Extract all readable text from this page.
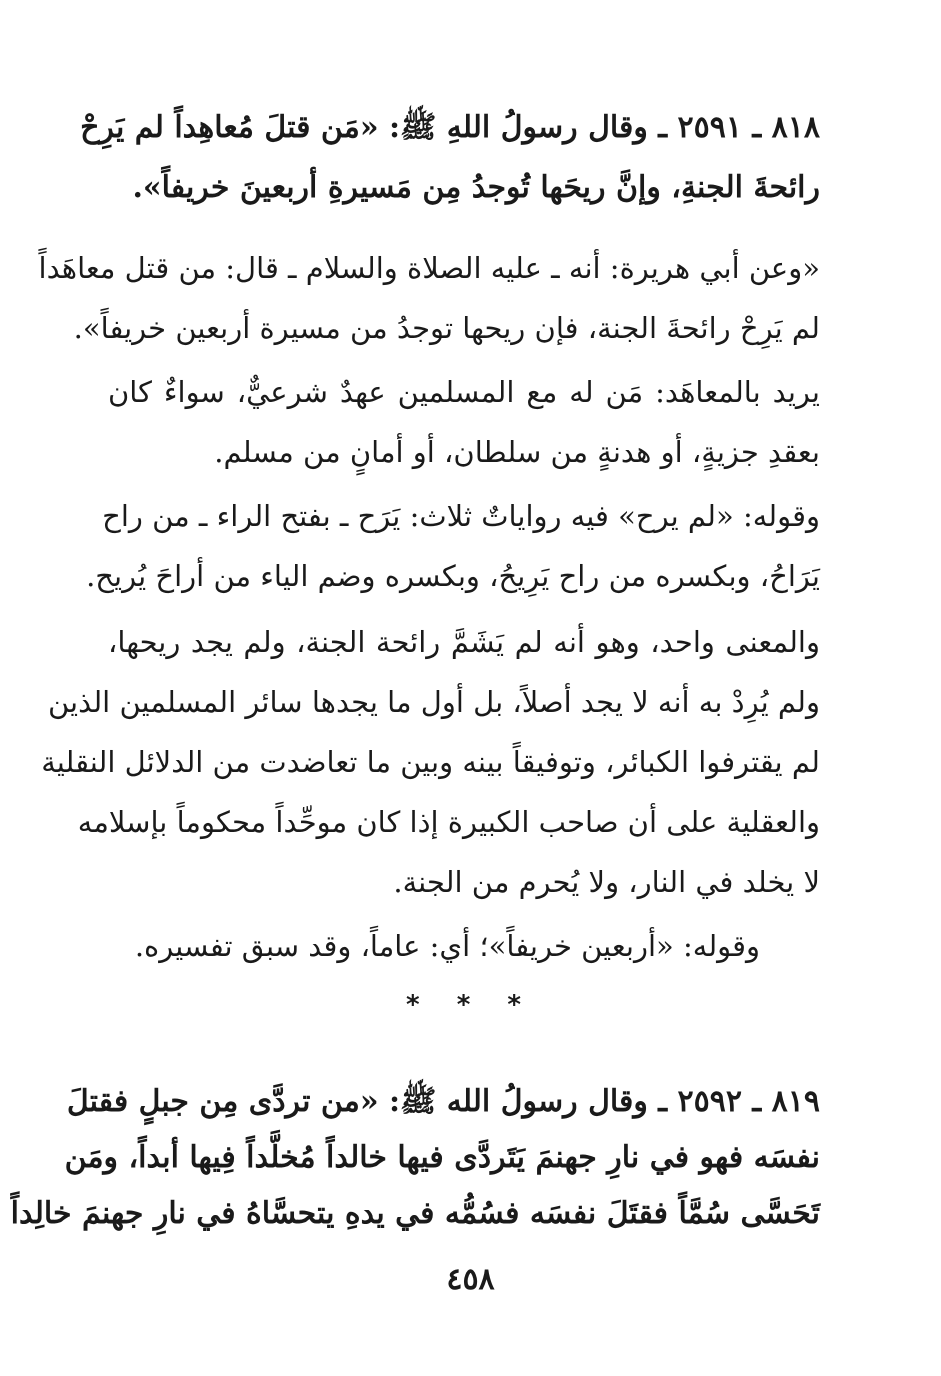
٨١٨ ـ ٢٥٩١ ـ وقال رسولُ اللهِ ﷺ: «مَن قتلَ مُعاهِداً لم يَرِحْ
رائحةَ الجنةِ، وإنَّ ريحَها تُوجدُ مِن مَسيرةِ أربعينَ خريفاً».
«وعن أبي هريرة: أنه ـ عليه الصلاة والسلام ـ قال: من قتل معاهَداً
لم يَرِحْ رائحةَ الجنة، فإن ريحها توجدُ من مسيرة أربعين خريفاً».
يريد بالمعاهَد: مَن له مع المسلمين عهدٌ شرعيٌّ، سواءٌ كان
بعقدِ جزيةٍ، أو هدنةٍ من سلطان، أو أمانٍ من مسلم.
وقوله: «لم يرح» فيه رواياتٌ ثلاث: يَرَح ـ بفتح الراء ـ من راح
يَرَاحُ، وبكسره من راح يَرِيحُ، وبكسره وضم الياء من أراحَ يُريح.
والمعنى واحد، وهو أنه لم يَشَمَّ رائحة الجنة، ولم يجد ريحها،
ولم يُرِدْ به أنه لا يجد أصلاً، بل أول ما يجدها سائر المسلمين الذين
لم يقترفوا الكبائر، وتوفيقاً بينه وبين ما تعاضدت من الدلائل النقلية
والعقلية على أن صاحب الكبيرة إذا كان موحِّداً محكوماً بإسلامه
لا يخلد في النار، ولا يُحرم من الجنة.
وقوله: «أربعين خريفاً»؛ أي: عاماً، وقد سبق تفسيره.
* * *
٨١٩ ـ ٢٥٩٢ ـ وقال رسولُ الله ﷺ: «من تردَّى مِن جبلٍ فقتلَ
نفسَه فهو في نارِ جهنمَ يَتَردَّى فيها خالداً مُخلَّداً فِيها أبداً، ومَن
تَحَسَّى سُمَّاً فقتَلَ نفسَه فسُمُّه في يدهِ يتحسَّاهُ في نارِ جهنمَ خالِداً
٤٥٨
